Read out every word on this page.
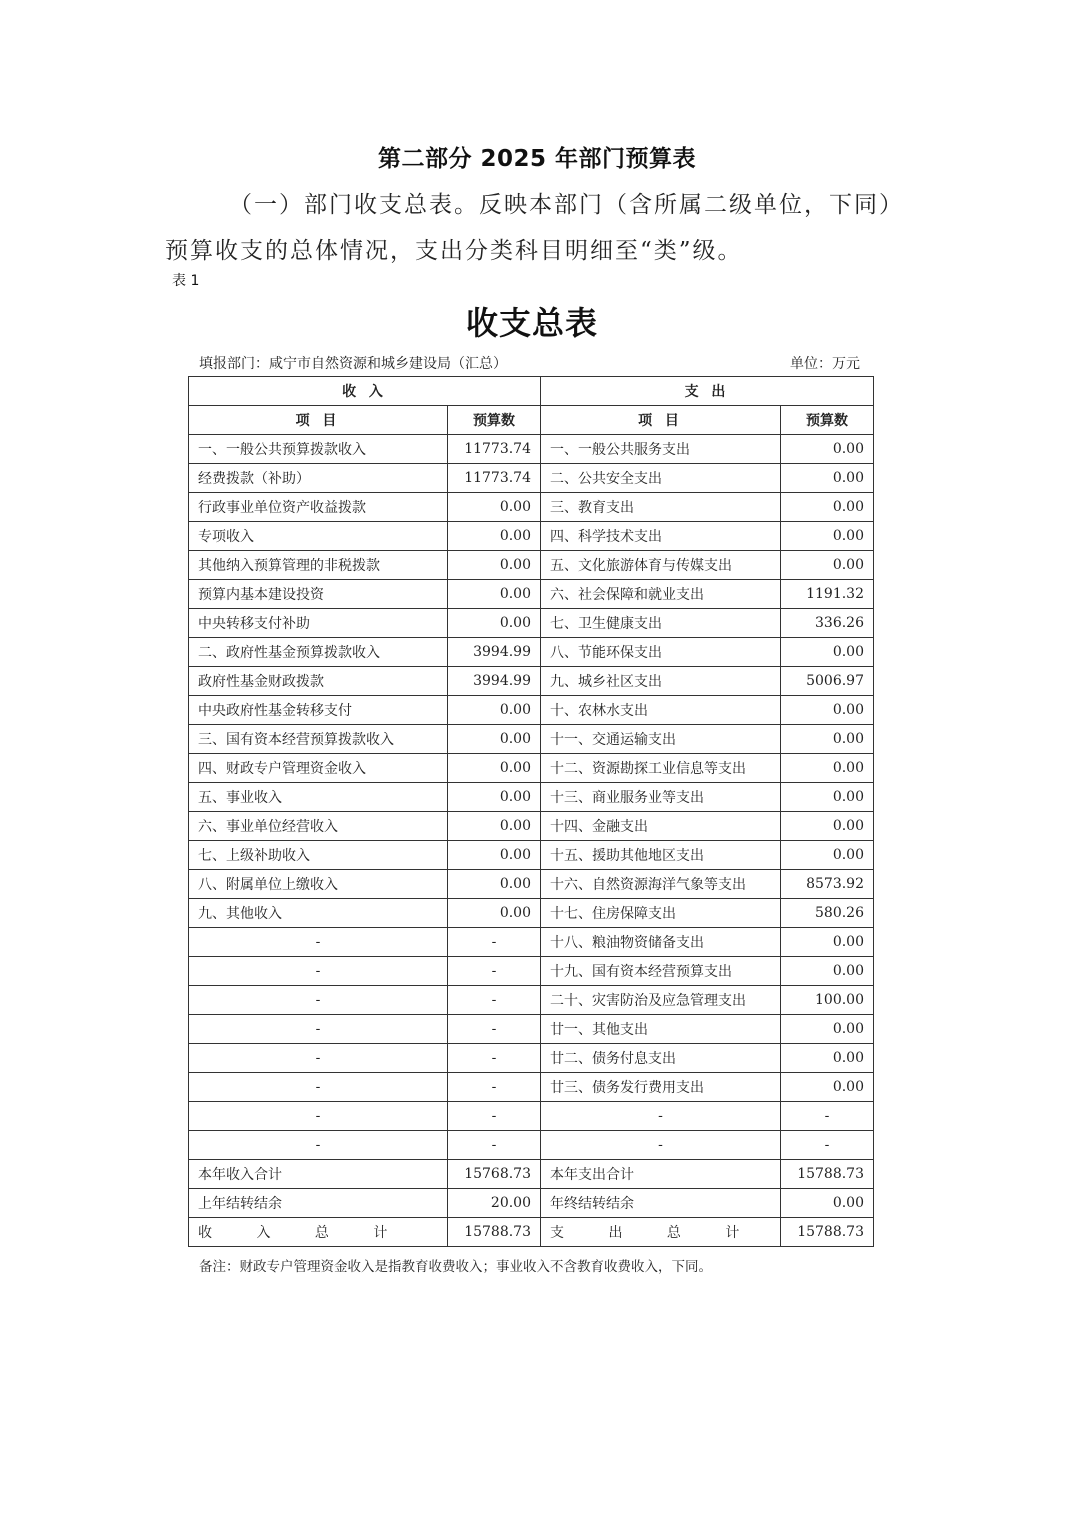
第二部分 2025 年部门预算表
（一）部门收支总表。反映本部门（含所属二级单位，下同）
预算收支的总体情况，支出分类科目明细至“类”级。
表 1
收支总表
填报部门：咸宁市自然资源和城乡建设局（汇总）	单位：万元
收 入		支 出	
项 目	预算数	项 目	预算数
一、一般公共预算拨款收入	11773.74	一、一般公共服务支出	0.00
经费拨款（补助）	11773.74	二、公共安全支出	0.00
行政事业单位资产收益拨款	0.00	三、教育支出	0.00
专项收入	0.00	四、科学技术支出	0.00
其他纳入预算管理的非税拨款	0.00	五、文化旅游体育与传媒支出	0.00
预算内基本建设投资	0.00	六、社会保障和就业支出	1191.32
中央转移支付补助	0.00	七、卫生健康支出	336.26
二、政府性基金预算拨款收入	3994.99	八、节能环保支出	0.00
政府性基金财政拨款	3994.99	九、城乡社区支出	5006.97
中央政府性基金转移支付	0.00	十、农林水支出	0.00
三、国有资本经营预算拨款收入	0.00	十一、交通运输支出	0.00
四、财政专户管理资金收入	0.00	十二、资源勘探工业信息等支出	0.00
五、事业收入	0.00	十三、商业服务业等支出	0.00
六、事业单位经营收入	0.00	十四、金融支出	0.00
七、上级补助收入	0.00	十五、援助其他地区支出	0.00
八、附属单位上缴收入	0.00	十六、自然资源海洋气象等支出	8573.92
九、其他收入	0.00	十七、住房保障支出	580.26
-	-	十八、粮油物资储备支出	0.00
-	-	十九、国有资本经营预算支出	0.00
-	-	二十、灾害防治及应急管理支出	100.00
-	-	廿一、其他支出	0.00
-	-	廿二、债务付息支出	0.00
-	-	廿三、债务发行费用支出	0.00
-	-	-	-
-	-	-	-
本年收入合计	15768.73	本年支出合计	15788.73
上年结转结余	20.00	年终结转结余	0.00
收 入 总 计	15788.73	支 出 总 计	15788.73
备注：财政专户管理资金收入是指教育收费收入；事业收入不含教育收费收入，下同。
